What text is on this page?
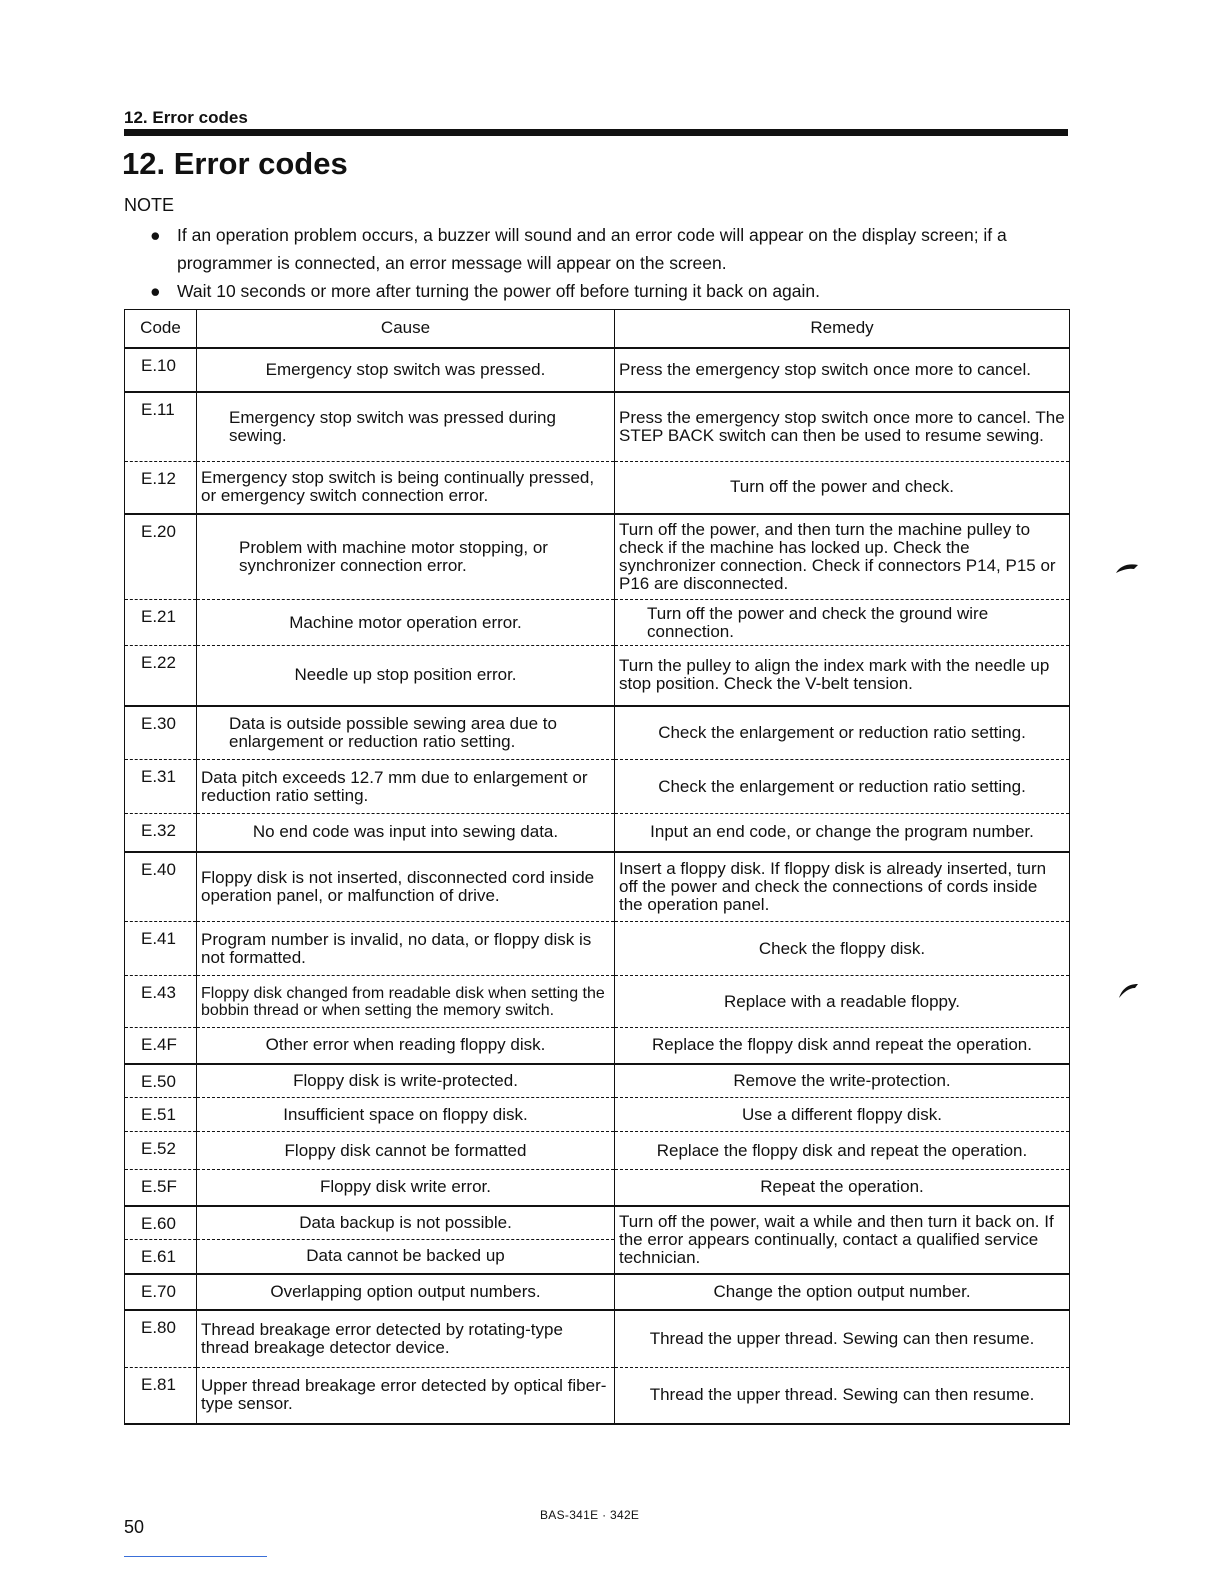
12. Error codes
12. Error codes
NOTE
● If an operation problem occurs, a buzzer will sound and an error code will appear on the display screen; if a programmer is connected, an error message will appear on the screen.
● Wait 10 seconds or more after turning the power off before turning it back on again.
Code	Cause	Remedy
E.10	Emergency stop switch was pressed.	Press the emergency stop switch once more to cancel.
E.11	Emergency stop switch was pressed during sewing.	Press the emergency stop switch once more to cancel. The STEP BACK switch can then be used to resume sewing.
E.12	Emergency stop switch is being continually pressed, or emergency switch connection error.	Turn off the power and check.
E.20	Problem with machine motor stopping, or synchronizer connection error.	Turn off the power, and then turn the machine pulley to check if the machine has locked up. Check the synchronizer connection. Check if connectors P14, P15 or P16 are disconnected.
E.21	Machine motor operation error.	Turn off the power and check the ground wire connection.
E.22	Needle up stop position error.	Turn the pulley to align the index mark with the needle up stop position. Check the V-belt tension.
E.30	Data is outside possible sewing area due to enlargement or reduction ratio setting.	Check the enlargement or reduction ratio setting.
E.31	Data pitch exceeds 12.7 mm due to enlargement or reduction ratio setting.	Check the enlargement or reduction ratio setting.
E.32	No end code was input into sewing data.	Input an end code, or change the program number.
E.40	Floppy disk is not inserted, disconnected cord inside operation panel, or malfunction of drive.	Insert a floppy disk. If floppy disk is already inserted, turn off the power and check the connections of cords inside the operation panel.
E.41	Program number is invalid, no data, or floppy disk is not formatted.	Check the floppy disk.
E.43	Floppy disk changed from readable disk when setting the bobbin thread or when setting the memory switch.	Replace with a readable floppy.
E.4F	Other error when reading floppy disk.	Replace the floppy disk annd repeat the operation.
E.50	Floppy disk is write-protected.	Remove the write-protection.
E.51	Insufficient space on floppy disk.	Use a different floppy disk.
E.52	Floppy disk cannot be formatted	Replace the floppy disk and repeat the operation.
E.5F	Floppy disk write error.	Repeat the operation.
E.60	Data backup is not possible.	Turn off the power, wait a while and then turn it back on. If the error appears continually, contact a qualified service technician.
E.61	Data cannot be backed up	
E.70	Overlapping option output numbers.	Change the option output number.
E.80	Thread breakage error detected by rotating-type thread breakage detector device.	Thread the upper thread. Sewing can then resume.
E.81	Upper thread breakage error detected by optical fiber-type sensor.	Thread the upper thread. Sewing can then resume.
50
BAS-341E · 342E
